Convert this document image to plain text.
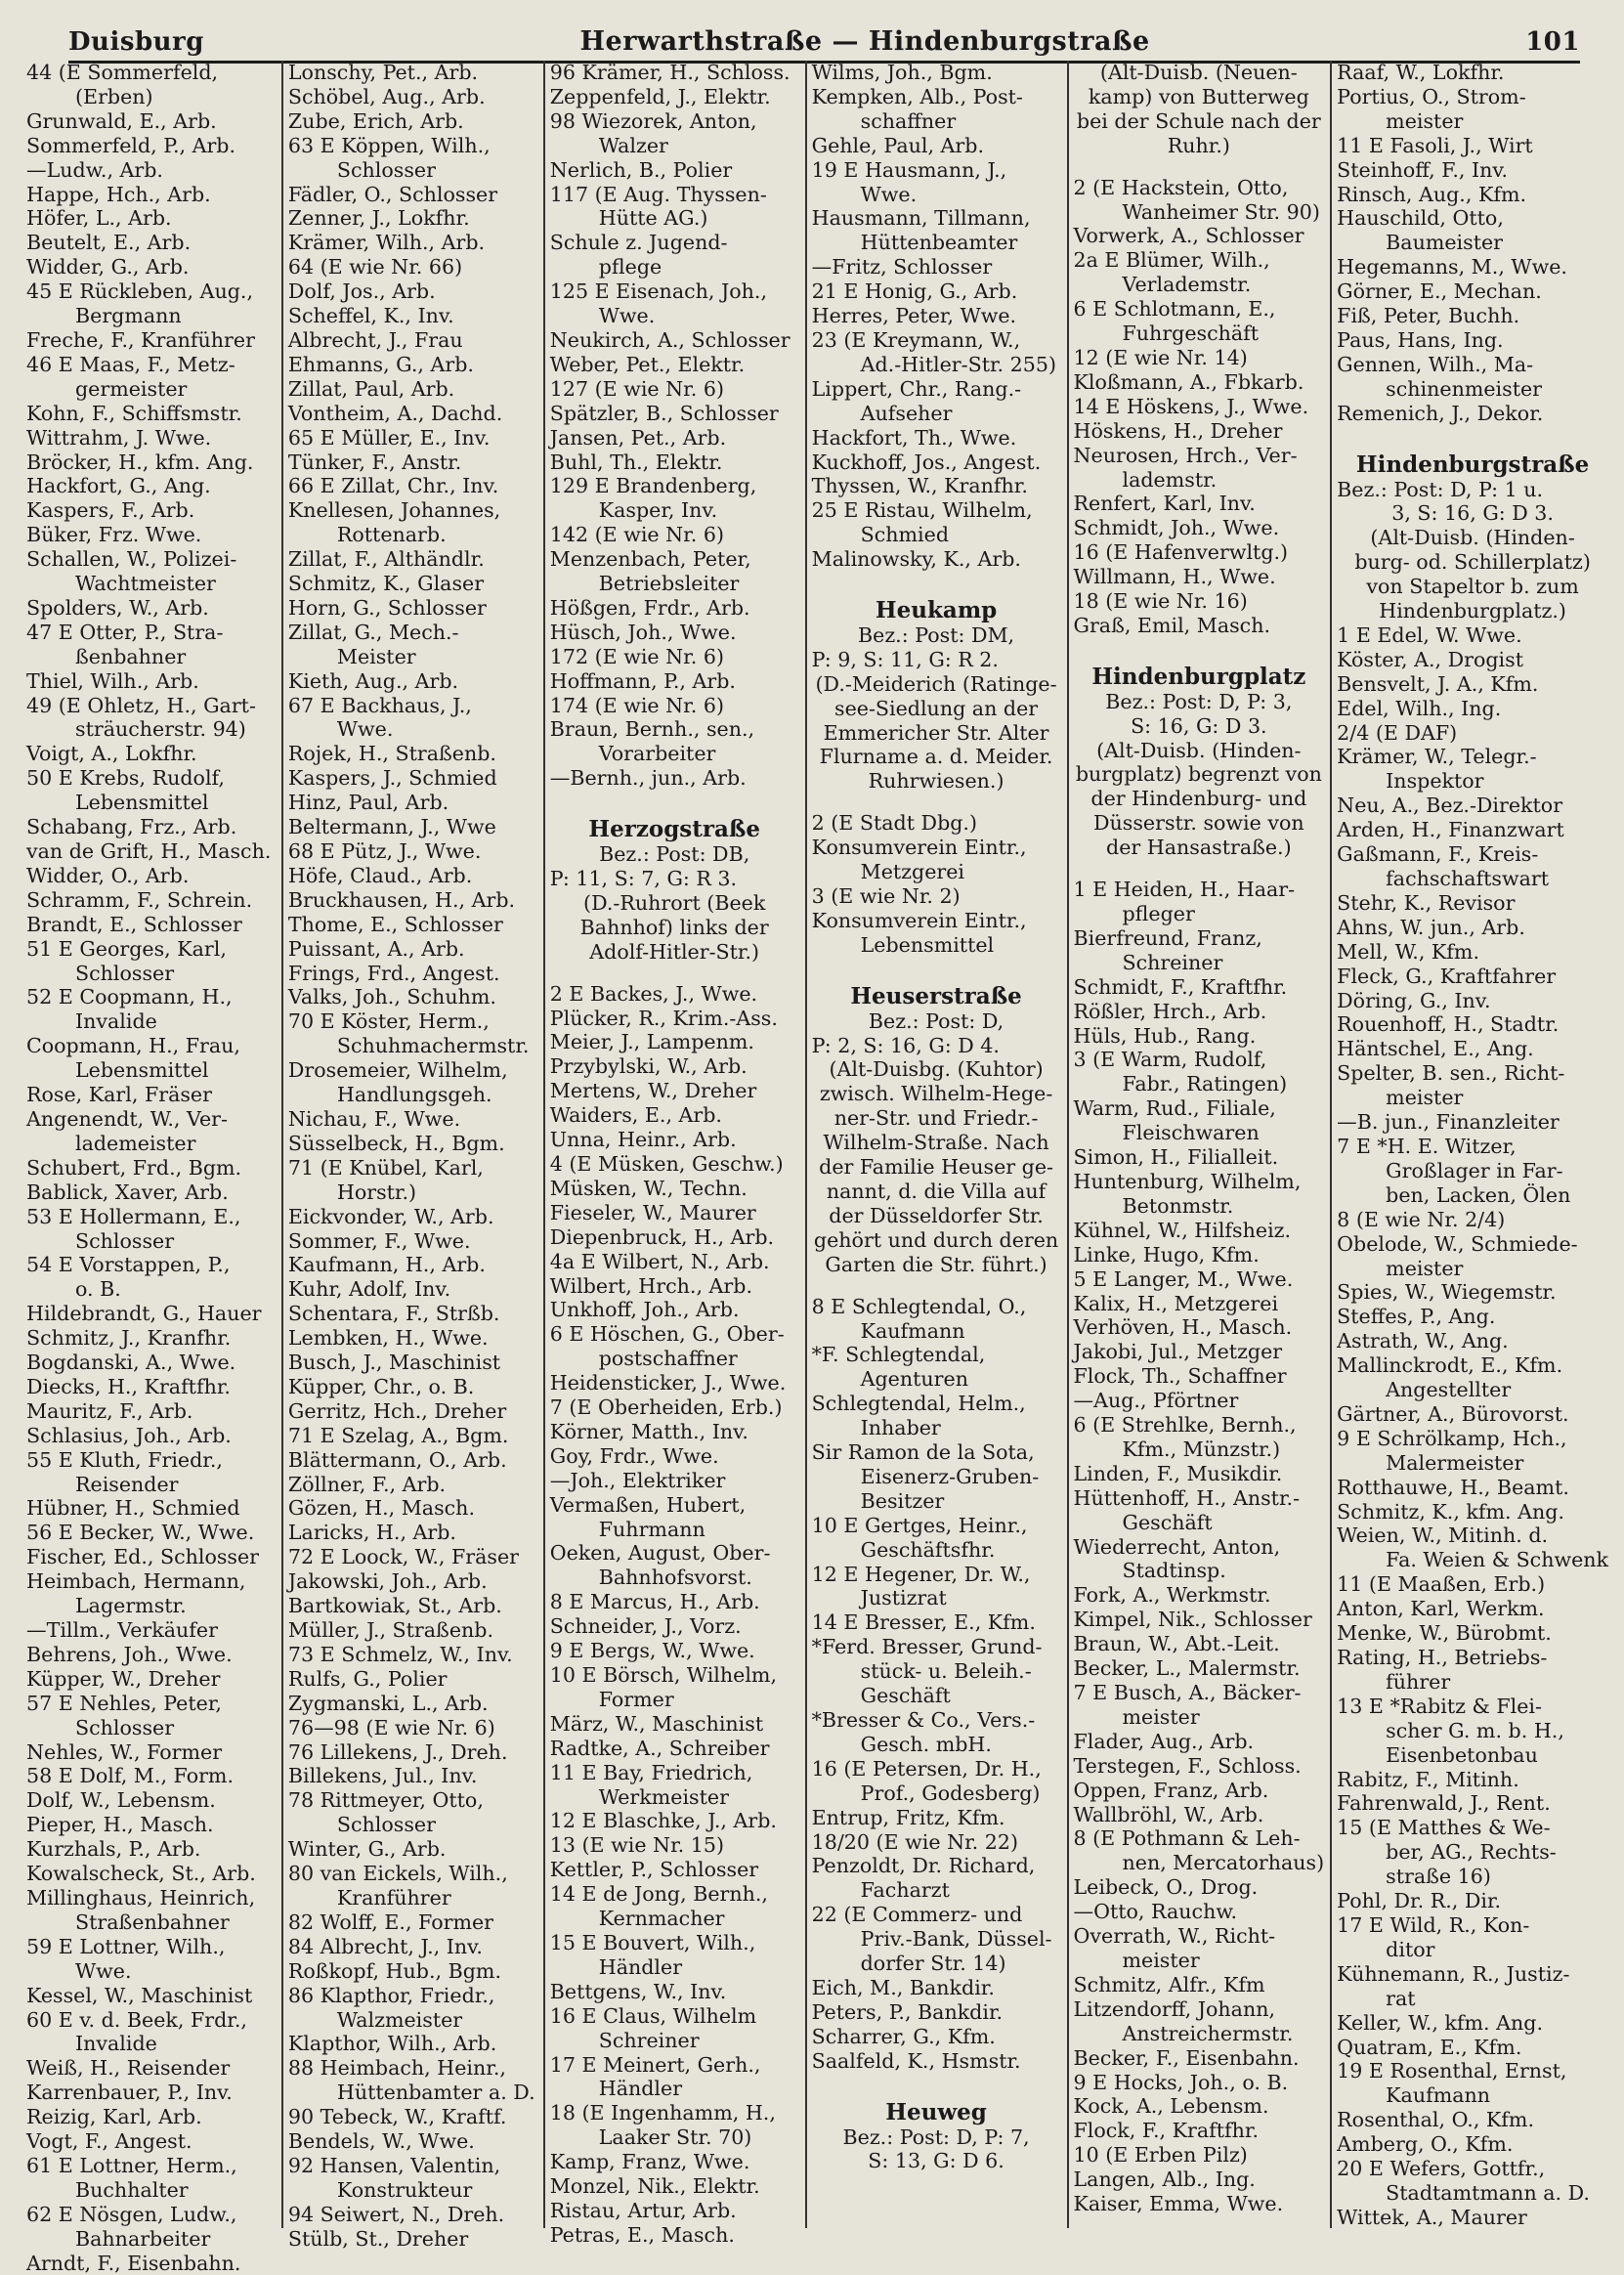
Duisburg	Herwarthstraße — Hindenburgstraße	101
44 (E Sommerfeld,
(Erben)
Grunwald, E., Arb.
Sommerfeld, P., Arb.
—Ludw., Arb.
Happe, Hch., Arb.
Höfer, L., Arb.
Beutelt, E., Arb.
Widder, G., Arb.
45 E Rückleben, Aug.,
Bergmann
Freche, F., Kranführer
46 E Maas, F., Metz-
germeister
Kohn, F., Schiffsmstr.
Wittrahm, J. Wwe.
Bröcker, H., kfm. Ang.
Hackfort, G., Ang.
Kaspers, F., Arb.
Büker, Frz. Wwe.
Schallen, W., Polizei-
Wachtmeister
Spolders, W., Arb.
47 E Otter, P., Stra-
ßenbahner
Thiel, Wilh., Arb.
49 (E Ohletz, H., Gart-
sträucherstr. 94)
Voigt, A., Lokfhr.
50 E Krebs, Rudolf,
Lebensmittel
Schabang, Frz., Arb.
van de Grift, H., Masch.
Widder, O., Arb.
Schramm, F., Schrein.
Brandt, E., Schlosser
51 E Georges, Karl,
Schlosser
52 E Coopmann, H.,
Invalide
Coopmann, H., Frau,
Lebensmittel
Rose, Karl, Fräser
Angenendt, W., Ver-
lademeister
Schubert, Frd., Bgm.
Bablick, Xaver, Arb.
53 E Hollermann, E.,
Schlosser
54 E Vorstappen, P.,
o. B.
Hildebrandt, G., Hauer
Schmitz, J., Kranfhr.
Bogdanski, A., Wwe.
Diecks, H., Kraftfhr.
Mauritz, F., Arb.
Schlasius, Joh., Arb.
55 E Kluth, Friedr.,
Reisender
Hübner, H., Schmied
56 E Becker, W., Wwe.
Fischer, Ed., Schlosser
Heimbach, Hermann,
Lagermstr.
—Tillm., Verkäufer
Behrens, Joh., Wwe.
Küpper, W., Dreher
57 E Nehles, Peter,
Schlosser
Nehles, W., Former
58 E Dolf, M., Form.
Dolf, W., Lebensm.
Pieper, H., Masch.
Kurzhals, P., Arb.
Kowalscheck, St., Arb.
Millinghaus, Heinrich,
Straßenbahner
59 E Lottner, Wilh.,
Wwe.
Kessel, W., Maschinist
60 E v. d. Beek, Frdr.,
Invalide
Weiß, H., Reisender
Karrenbauer, P., Inv.
Reizig, Karl, Arb.
Vogt, F., Angest.
61 E Lottner, Herm.,
Buchhalter
62 E Nösgen, Ludw.,
Bahnarbeiter
Arndt, F., Eisenbahn.
Lonschy, Pet., Arb.
Schöbel, Aug., Arb.
Zube, Erich, Arb.
63 E Köppen, Wilh.,
Schlosser
Fädler, O., Schlosser
Zenner, J., Lokfhr.
Krämer, Wilh., Arb.
64 (E wie Nr. 66)
Dolf, Jos., Arb.
Scheffel, K., Inv.
Albrecht, J., Frau
Ehmanns, G., Arb.
Zillat, Paul, Arb.
Vontheim, A., Dachd.
65 E Müller, E., Inv.
Tünker, F., Anstr.
66 E Zillat, Chr., Inv.
Knellesen, Johannes,
Rottenarb.
Zillat, F., Althändlr.
Schmitz, K., Glaser
Horn, G., Schlosser
Zillat, G., Mech.-
Meister
Kieth, Aug., Arb.
67 E Backhaus, J.,
Wwe.
Rojek, H., Straßenb.
Kaspers, J., Schmied
Hinz, Paul, Arb.
Beltermann, J., Wwe
68 E Pütz, J., Wwe.
Höfe, Claud., Arb.
Bruckhausen, H., Arb.
Thome, E., Schlosser
Puissant, A., Arb.
Frings, Frd., Angest.
Valks, Joh., Schuhm.
70 E Köster, Herm.,
Schuhmachermstr.
Drosemeier, Wilhelm,
Handlungsgeh.
Nichau, F., Wwe.
Süsselbeck, H., Bgm.
71 (E Knübel, Karl,
Horstr.)
Eickvonder, W., Arb.
Sommer, F., Wwe.
Kaufmann, H., Arb.
Kuhr, Adolf, Inv.
Schentara, F., Strßb.
Lembken, H., Wwe.
Busch, J., Maschinist
Küpper, Chr., o. B.
Gerritz, Hch., Dreher
71 E Szelag, A., Bgm.
Blättermann, O., Arb.
Zöllner, F., Arb.
Gözen, H., Masch.
Laricks, H., Arb.
72 E Loock, W., Fräser
Jakowski, Joh., Arb.
Bartkowiak, St., Arb.
Müller, J., Straßenb.
73 E Schmelz, W., Inv.
Rulfs, G., Polier
Zygmanski, L., Arb.
76—98 (E wie Nr. 6)
76 Lillekens, J., Dreh.
Billekens, Jul., Inv.
78 Rittmeyer, Otto,
Schlosser
Winter, G., Arb.
80 van Eickels, Wilh.,
Kranführer
82 Wolff, E., Former
84 Albrecht, J., Inv.
Roßkopf, Hub., Bgm.
86 Klapthor, Friedr.,
Walzmeister
Klapthor, Wilh., Arb.
88 Heimbach, Heinr.,
Hüttenbamter a. D.
90 Tebeck, W., Kraftf.
Bendels, W., Wwe.
92 Hansen, Valentin,
Konstrukteur
94 Seiwert, N., Dreh.
Stülb, St., Dreher
96 Krämer, H., Schloss.
Zeppenfeld, J., Elektr.
98 Wiezorek, Anton,
Walzer
Nerlich, B., Polier
117 (E Aug. Thyssen-
Hütte AG.)
Schule z. Jugend-
pflege
125 E Eisenach, Joh.,
Wwe.
Neukirch, A., Schlosser
Weber, Pet., Elektr.
127 (E wie Nr. 6)
Spätzler, B., Schlosser
Jansen, Pet., Arb.
Buhl, Th., Elektr.
129 E Brandenberg,
Kasper, Inv.
142 (E wie Nr. 6)
Menzenbach, Peter,
Betriebsleiter
Hößgen, Frdr., Arb.
Hüsch, Joh., Wwe.
172 (E wie Nr. 6)
Hoffmann, P., Arb.
174 (E wie Nr. 6)
Braun, Bernh., sen.,
Vorarbeiter
—Bernh., jun., Arb.
Herzogstraße
Bez.: Post: DB,
P: 11, S: 7, G: R 3.
(D.-Ruhrort (Beek
Bahnhof) links der
Adolf-Hitler-Str.)
2 E Backes, J., Wwe.
Plücker, R., Krim.-Ass.
Meier, J., Lampenm.
Przybylski, W., Arb.
Mertens, W., Dreher
Waiders, E., Arb.
Unna, Heinr., Arb.
4 (E Müsken, Geschw.)
Müsken, W., Techn.
Fieseler, W., Maurer
Diepenbruck, H., Arb.
4a E Wilbert, N., Arb.
Wilbert, Hrch., Arb.
Unkhoff, Joh., Arb.
6 E Höschen, G., Ober-
postschaffner
Heidensticker, J., Wwe.
7 (E Oberheiden, Erb.)
Körner, Matth., Inv.
Goy, Frdr., Wwe.
—Joh., Elektriker
Vermaßen, Hubert,
Fuhrmann
Oeken, August, Ober-
Bahnhofsvorst.
8 E Marcus, H., Arb.
Schneider, J., Vorz.
9 E Bergs, W., Wwe.
10 E Börsch, Wilhelm,
Former
März, W., Maschinist
Radtke, A., Schreiber
11 E Bay, Friedrich,
Werkmeister
12 E Blaschke, J., Arb.
13 (E wie Nr. 15)
Kettler, P., Schlosser
14 E de Jong, Bernh.,
Kernmacher
15 E Bouvert, Wilh.,
Händler
Bettgens, W., Inv.
16 E Claus, Wilhelm
Schreiner
17 E Meinert, Gerh.,
Händler
18 (E Ingenhamm, H.,
Laaker Str. 70)
Kamp, Franz, Wwe.
Monzel, Nik., Elektr.
Ristau, Artur, Arb.
Petras, E., Masch.
Wilms, Joh., Bgm.
Kempken, Alb., Post-
schaffner
Gehle, Paul, Arb.
19 E Hausmann, J.,
Wwe.
Hausmann, Tillmann,
Hüttenbeamter
—Fritz, Schlosser
21 E Honig, G., Arb.
Herres, Peter, Wwe.
23 (E Kreymann, W.,
Ad.-Hitler-Str. 255)
Lippert, Chr., Rang.-
Aufseher
Hackfort, Th., Wwe.
Kuckhoff, Jos., Angest.
Thyssen, W., Kranfhr.
25 E Ristau, Wilhelm,
Schmied
Malinowsky, K., Arb.
Heukamp
Bez.: Post: DM,
P: 9, S: 11, G: R 2.
(D.-Meiderich (Ratinge-
see-Siedlung an der
Emmericher Str. Alter
Flurname a. d. Meider.
Ruhrwiesen.)
2 (E Stadt Dbg.)
Konsumverein Eintr.,
Metzgerei
3 (E wie Nr. 2)
Konsumverein Eintr.,
Lebensmittel
Heuserstraße
Bez.: Post: D,
P: 2, S: 16, G: D 4.
(Alt-Duisbg. (Kuhtor)
zwisch. Wilhelm-Hege-
ner-Str. und Friedr.-
Wilhelm-Straße. Nach
der Familie Heuser ge-
nannt, d. die Villa auf
der Düsseldorfer Str.
gehört und durch deren
Garten die Str. führt.)
8 E Schlegtendal, O.,
Kaufmann
*F. Schlegtendal,
Agenturen
Schlegtendal, Helm.,
Inhaber
Sir Ramon de la Sota,
Eisenerz-Gruben-
Besitzer
10 E Gertges, Heinr.,
Geschäftsfhr.
12 E Hegener, Dr. W.,
Justizrat
14 E Bresser, E., Kfm.
*Ferd. Bresser, Grund-
stück- u. Beleih.-
Geschäft
*Bresser & Co., Vers.-
Gesch. mbH.
16 (E Petersen, Dr. H.,
Prof., Godesberg)
Entrup, Fritz, Kfm.
18/20 (E wie Nr. 22)
Penzoldt, Dr. Richard,
Facharzt
22 (E Commerz- und
Priv.-Bank, Düssel-
dorfer Str. 14)
Eich, M., Bankdir.
Peters, P., Bankdir.
Scharrer, G., Kfm.
Saalfeld, K., Hsmstr.
Heuweg
Bez.: Post: D, P: 7,
S: 13, G: D 6.
(Alt-Duisb. (Neuen-
kamp) von Butterweg
bei der Schule nach der
Ruhr.)
2 (E Hackstein, Otto,
Wanheimer Str. 90)
Vorwerk, A., Schlosser
2a E Blümer, Wilh.,
Verlademstr.
6 E Schlotmann, E.,
Fuhrgeschäft
12 (E wie Nr. 14)
Kloßmann, A., Fbkarb.
14 E Höskens, J., Wwe.
Höskens, H., Dreher
Neurosen, Hrch., Ver-
lademstr.
Renfert, Karl, Inv.
Schmidt, Joh., Wwe.
16 (E Hafenverwltg.)
Willmann, H., Wwe.
18 (E wie Nr. 16)
Graß, Emil, Masch.
Hindenburgplatz
Bez.: Post: D, P: 3,
S: 16, G: D 3.
(Alt-Duisb. (Hinden-
burgplatz) begrenzt von
der Hindenburg- und
Düsserstr. sowie von
der Hansastraße.)
1 E Heiden, H., Haar-
pfleger
Bierfreund, Franz,
Schreiner
Schmidt, F., Kraftfhr.
Rößler, Hrch., Arb.
Hüls, Hub., Rang.
3 (E Warm, Rudolf,
Fabr., Ratingen)
Warm, Rud., Filiale,
Fleischwaren
Simon, H., Filialleit.
Huntenburg, Wilhelm,
Betonmstr.
Kühnel, W., Hilfsheiz.
Linke, Hugo, Kfm.
5 E Langer, M., Wwe.
Kalix, H., Metzgerei
Verhöven, H., Masch.
Jakobi, Jul., Metzger
Flock, Th., Schaffner
—Aug., Pförtner
6 (E Strehlke, Bernh.,
Kfm., Münzstr.)
Linden, F., Musikdir.
Hüttenhoff, H., Anstr.-
Geschäft
Wiederrecht, Anton,
Stadtinsp.
Fork, A., Werkmstr.
Kimpel, Nik., Schlosser
Braun, W., Abt.-Leit.
Becker, L., Malermstr.
7 E Busch, A., Bäcker-
meister
Flader, Aug., Arb.
Terstegen, F., Schloss.
Oppen, Franz, Arb.
Wallbröhl, W., Arb.
8 (E Pothmann & Leh-
nen, Mercatorhaus)
Leibeck, O., Drog.
—Otto, Rauchw.
Overrath, W., Richt-
meister
Schmitz, Alfr., Kfm
Litzendorff, Johann,
Anstreichermstr.
Becker, F., Eisenbahn.
9 E Hocks, Joh., o. B.
Kock, A., Lebensm.
Flock, F., Kraftfhr.
10 (E Erben Pilz)
Langen, Alb., Ing.
Kaiser, Emma, Wwe.
Raaf, W., Lokfhr.
Portius, O., Strom-
meister
11 E Fasoli, J., Wirt
Steinhoff, F., Inv.
Rinsch, Aug., Kfm.
Hauschild, Otto,
Baumeister
Hegemanns, M., Wwe.
Görner, E., Mechan.
Fiß, Peter, Buchh.
Paus, Hans, Ing.
Gennen, Wilh., Ma-
schinenmeister
Remenich, J., Dekor.
Hindenburgstraße
Bez.: Post: D, P: 1 u.
3, S: 16, G: D 3.
(Alt-Duisb. (Hinden-
burg- od. Schillerplatz)
von Stapeltor b. zum
Hindenburgplatz.)
1 E Edel, W. Wwe.
Köster, A., Drogist
Bensvelt, J. A., Kfm.
Edel, Wilh., Ing.
2/4 (E DAF)
Krämer, W., Telegr.-
Inspektor
Neu, A., Bez.-Direktor
Arden, H., Finanzwart
Gaßmann, F., Kreis-
fachschaftswart
Stehr, K., Revisor
Ahns, W. jun., Arb.
Mell, W., Kfm.
Fleck, G., Kraftfahrer
Döring, G., Inv.
Rouenhoff, H., Stadtr.
Häntschel, E., Ang.
Spelter, B. sen., Richt-
meister
—B. jun., Finanzleiter
7 E *H. E. Witzer,
Großlager in Far-
ben, Lacken, Ölen
8 (E wie Nr. 2/4)
Obelode, W., Schmiede-
meister
Spies, W., Wiegemstr.
Steffes, P., Ang.
Astrath, W., Ang.
Mallinckrodt, E., Kfm.
Angestellter
Gärtner, A., Bürovorst.
9 E Schrölkamp, Hch.,
Malermeister
Rotthauwe, H., Beamt.
Schmitz, K., kfm. Ang.
Weien, W., Mitinh. d.
Fa. Weien & Schwenk
11 (E Maaßen, Erb.)
Anton, Karl, Werkm.
Menke, W., Bürobmt.
Rating, H., Betriebs-
führer
13 E *Rabitz & Flei-
scher G. m. b. H.,
Eisenbetonbau
Rabitz, F., Mitinh.
Fahrenwald, J., Rent.
15 (E Matthes & We-
ber, AG., Rechts-
straße 16)
Pohl, Dr. R., Dir.
17 E Wild, R., Kon-
ditor
Kühnemann, R., Justiz-
rat
Keller, W., kfm. Ang.
Quatram, E., Kfm.
19 E Rosenthal, Ernst,
Kaufmann
Rosenthal, O., Kfm.
Amberg, O., Kfm.
20 E Wefers, Gottfr.,
Stadtamtmann a. D.
Wittek, A., Maurer
